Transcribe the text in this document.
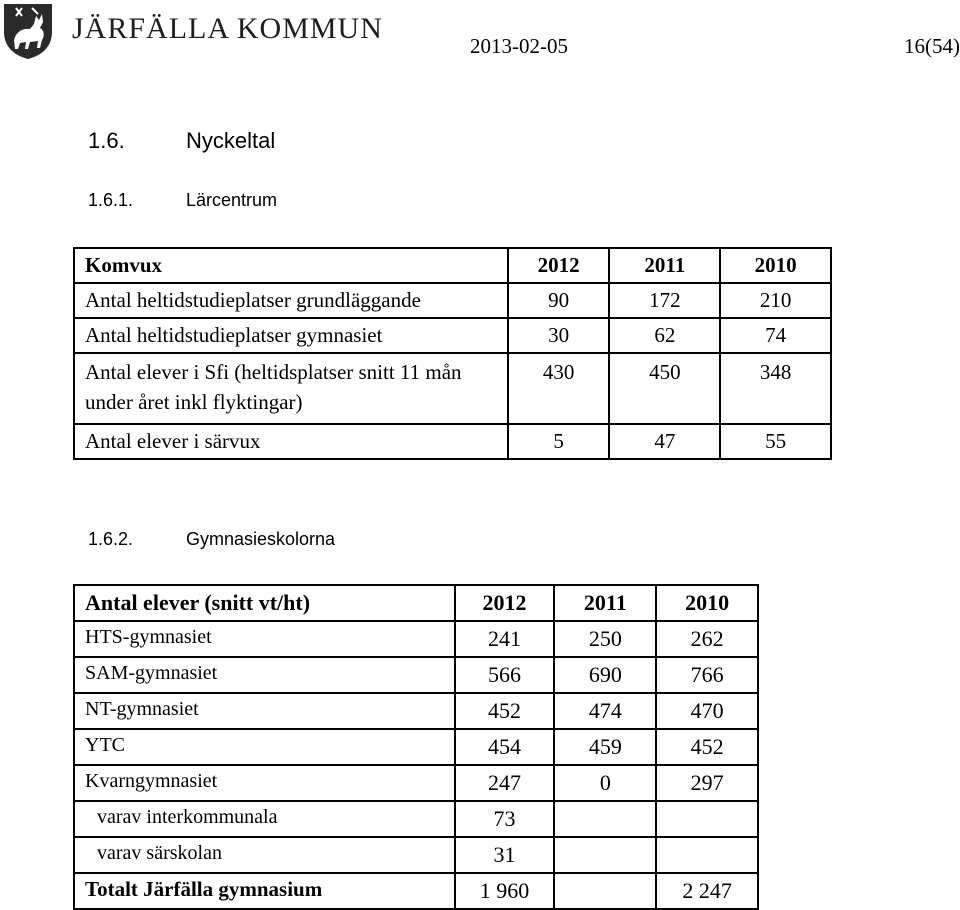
JÄRFÄLLA KOMMUN
2013-02-05	16(54)
1.6.	Nyckeltal
1.6.1.	Lärcentrum
Komvux	2012	2011	2010
Antal heltidstudieplatser grundläggande	90	172	210
Antal heltidstudieplatser gymnasiet	30	62	74
Antal elever i Sfi (heltidsplatser snitt 11 mån under året inkl flyktingar)	430	450	348
Antal elever i särvux	5	47	55
1.6.2.	Gymnasieskolorna
Antal elever (snitt vt/ht)	2012	2011	2010
HTS-gymnasiet	241	250	262
SAM-gymnasiet	566	690	766
NT-gymnasiet	452	474	470
YTC	454	459	452
Kvarngymnasiet	247	0	297
varav interkommunala	73		
varav särskolan	31		
Totalt Järfälla gymnasium	1 960		2 247
